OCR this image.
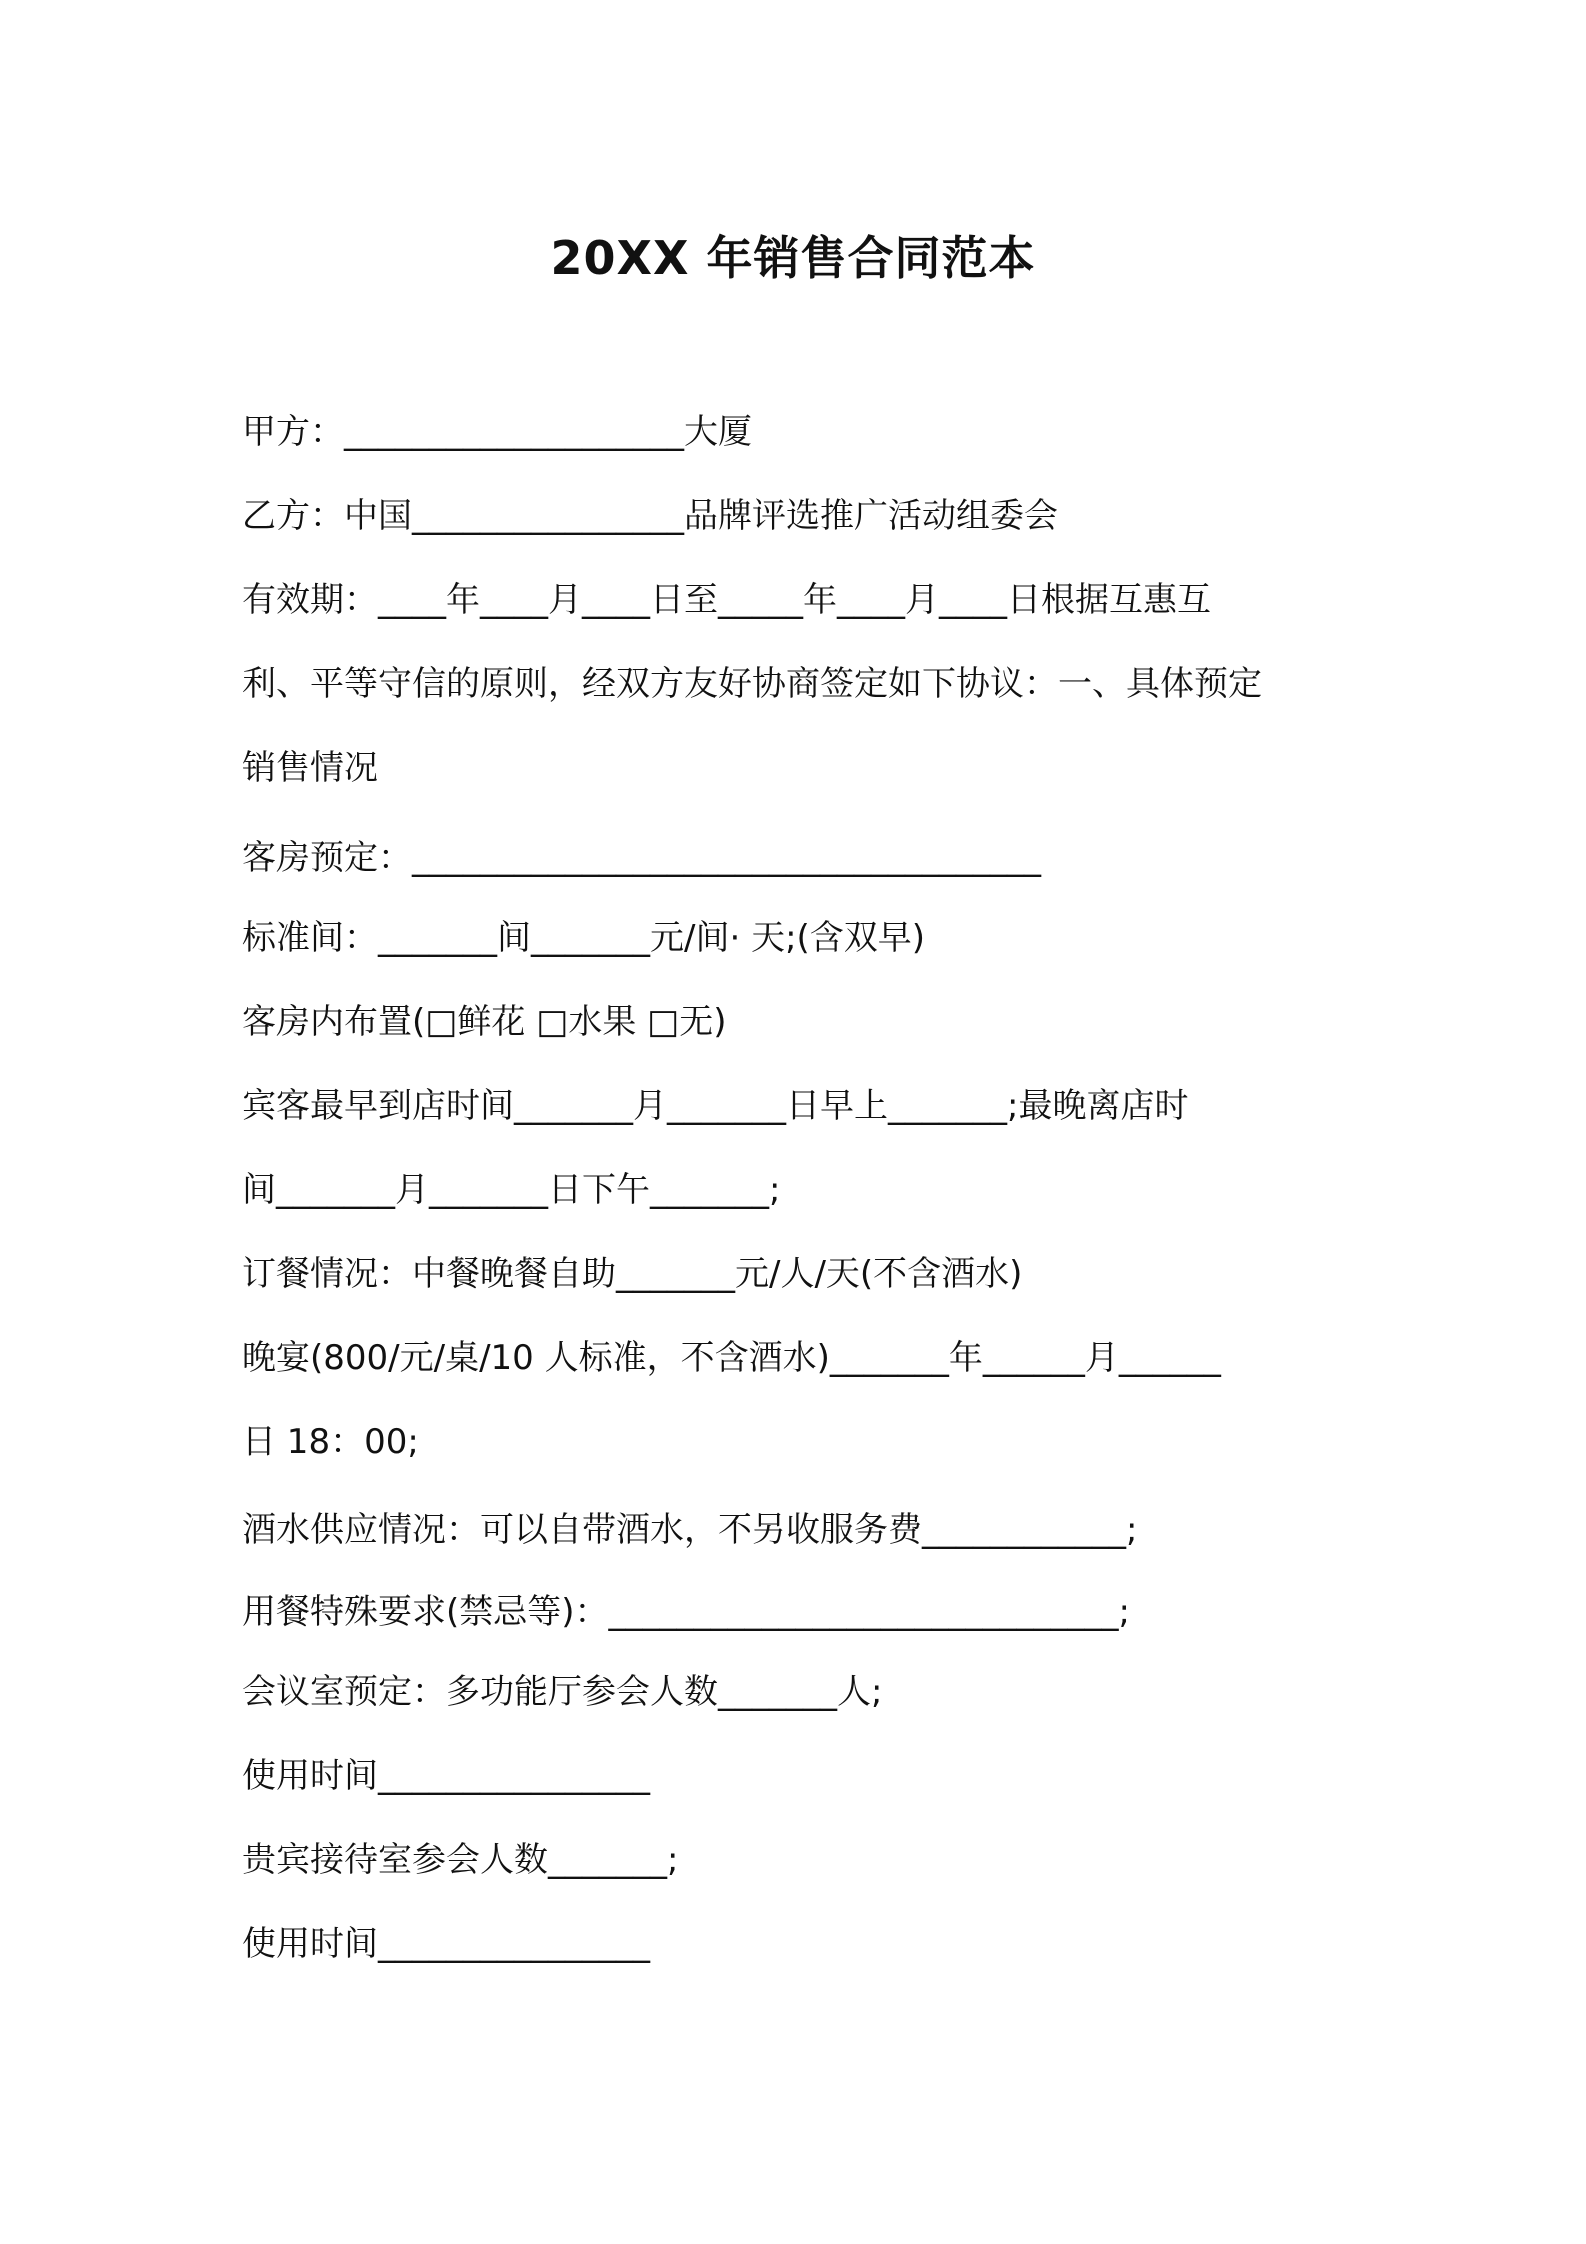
20XX 年销售合同范本
甲方：____________________大厦
乙方：中国________________品牌评选推广活动组委会
有效期：____年____月____日至_____年____月____日根据互惠互
利、平等守信的原则，经双方友好协商签定如下协议：一、具体预定
销售情况
客房预定：_____________________________________
标准间：_______间_______元/间· 天;(含双早)
客房内布置(□鲜花 □水果 □无)
宾客最早到店时间_______月_______日早上_______;最晚离店时
间_______月_______日下午_______;
订餐情况：中餐晚餐自助_______元/人/天(不含酒水)
晚宴(800/元/桌/10 人标准，不含酒水)_______年______月______
日 18：00;
酒水供应情况：可以自带酒水，不另收服务费____________;
用餐特殊要求(禁忌等)：______________________________;
会议室预定：多功能厅参会人数_______人;
使用时间________________
贵宾接待室参会人数_______;
使用时间________________
